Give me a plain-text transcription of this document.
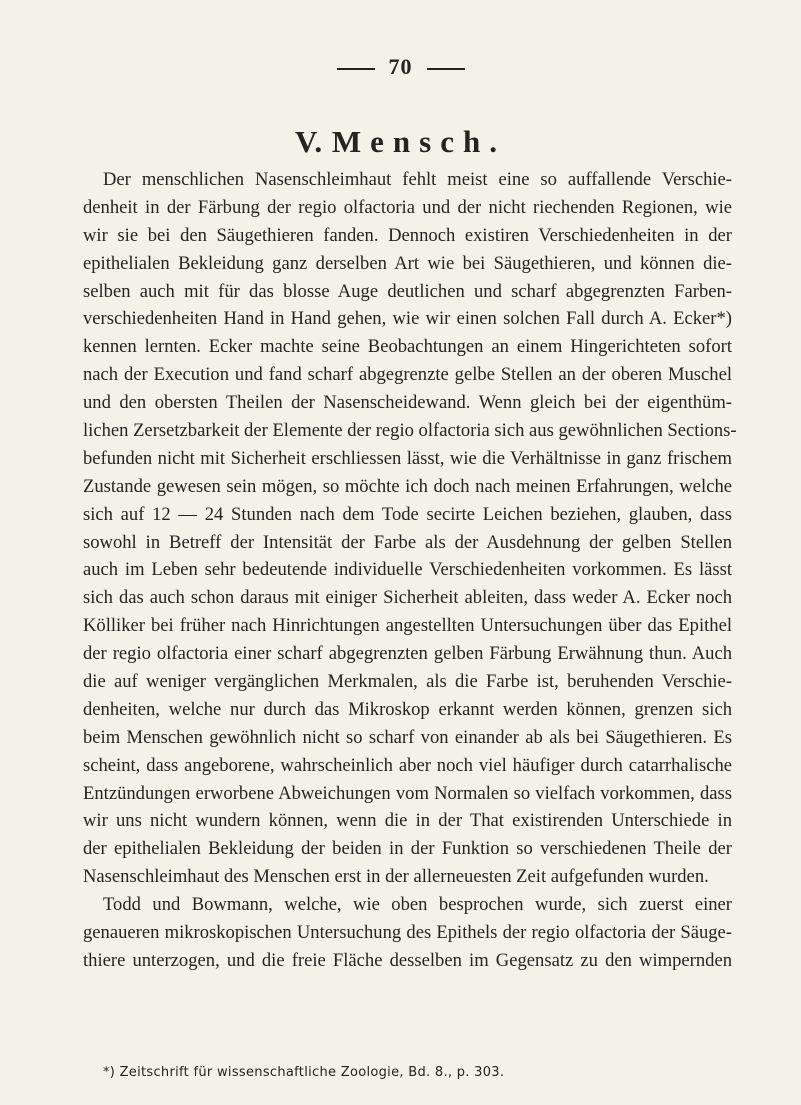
70
V. Mensch.
Der menschlichen Nasenschleimhaut fehlt meist eine so auffallende Verschie-
denheit in der Färbung der regio olfactoria und der nicht riechenden Regionen, wie
wir sie bei den Säugethieren fanden. Dennoch existiren Verschiedenheiten in der
epithelialen Bekleidung ganz derselben Art wie bei Säugethieren, und können die-
selben auch mit für das blosse Auge deutlichen und scharf abgegrenzten Farben-
verschiedenheiten Hand in Hand gehen, wie wir einen solchen Fall durch A. Ecker*)
kennen lernten. Ecker machte seine Beobachtungen an einem Hingerichteten sofort
nach der Execution und fand scharf abgegrenzte gelbe Stellen an der oberen Muschel
und den obersten Theilen der Nasenscheidewand. Wenn gleich bei der eigenthüm-
lichen Zersetzbarkeit der Elemente der regio olfactoria sich aus gewöhnlichen Sections-
befunden nicht mit Sicherheit erschliessen lässt, wie die Verhältnisse in ganz frischem
Zustande gewesen sein mögen, so möchte ich doch nach meinen Erfahrungen, welche
sich auf 12 — 24 Stunden nach dem Tode secirte Leichen beziehen, glauben, dass
sowohl in Betreff der Intensität der Farbe als der Ausdehnung der gelben Stellen
auch im Leben sehr bedeutende individuelle Verschiedenheiten vorkommen. Es lässt
sich das auch schon daraus mit einiger Sicherheit ableiten, dass weder A. Ecker noch
Kölliker bei früher nach Hinrichtungen angestellten Untersuchungen über das Epithel
der regio olfactoria einer scharf abgegrenzten gelben Färbung Erwähnung thun. Auch
die auf weniger vergänglichen Merkmalen, als die Farbe ist, beruhenden Verschie-
denheiten, welche nur durch das Mikroskop erkannt werden können, grenzen sich
beim Menschen gewöhnlich nicht so scharf von einander ab als bei Säugethieren. Es
scheint, dass angeborene, wahrscheinlich aber noch viel häufiger durch catarrhalische
Entzündungen erworbene Abweichungen vom Normalen so vielfach vorkommen, dass
wir uns nicht wundern können, wenn die in der That existirenden Unterschiede in
der epithelialen Bekleidung der beiden in der Funktion so verschiedenen Theile der
Nasenschleimhaut des Menschen erst in der allerneuesten Zeit aufgefunden wurden.
Todd und Bowmann, welche, wie oben besprochen wurde, sich zuerst einer
genaueren mikroskopischen Untersuchung des Epithels der regio olfactoria der Säuge-
thiere unterzogen, und die freie Fläche desselben im Gegensatz zu den wimpernden
*) Zeitschrift für wissenschaftliche Zoologie, Bd. 8., p. 303.
